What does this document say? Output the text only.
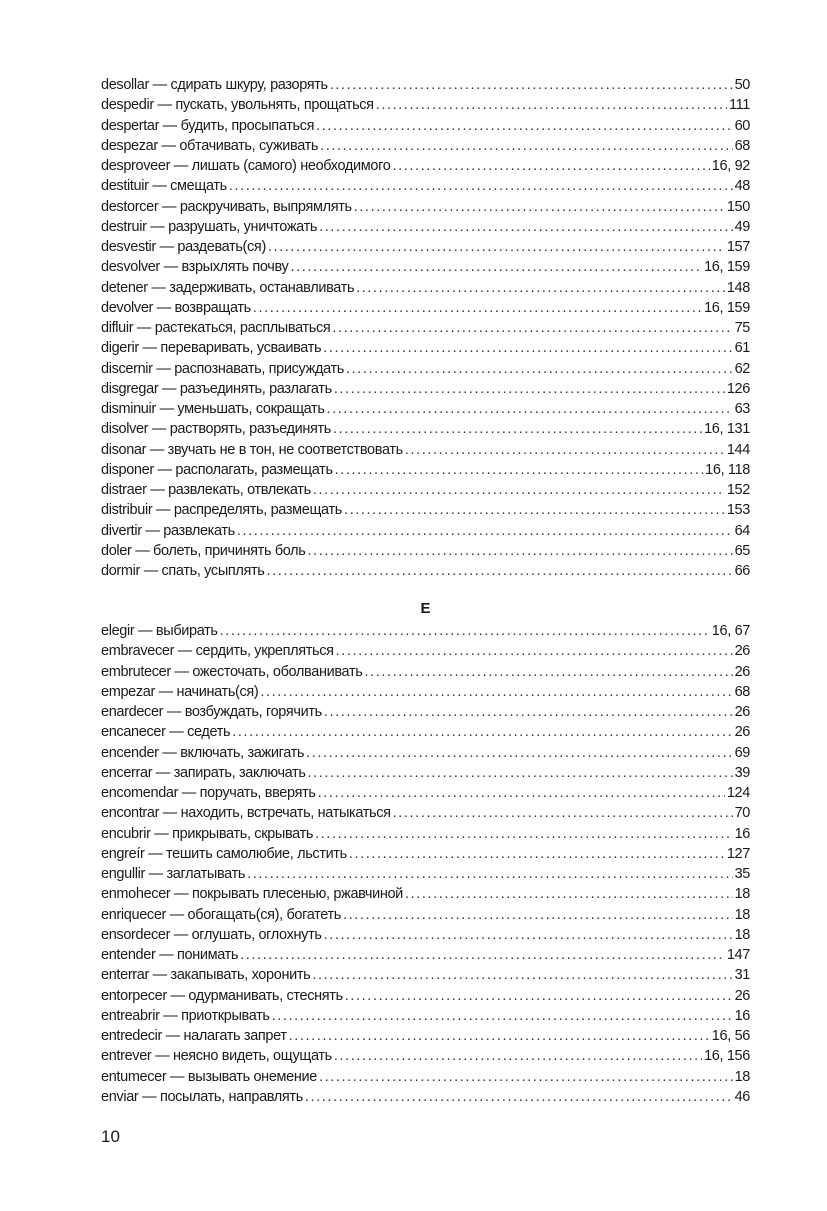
desollar — сдирать шкуру, разорять .....	50
despedir — пускать, увольнять, прощаться .....	111
despertar — будить, просыпаться .....	60
despezar — обтачивать, суживать .....	68
desproveer — лишать (самого) необходимого .....	16, 92
destituir — смещать .....	48
destorcer — раскручивать, выпрямлять .....	150
destruir — разрушать, уничтожать .....	49
desvestir — раздевать(ся) .....	157
desvolver — взрыхлять почву .....	16, 159
detener — задерживать, останавливать .....	148
devolver — возвращать .....	16, 159
difluir — растекаться, расплываться .....	75
digerir — переваривать, усваивать .....	61
discernir — распознавать, присуждать .....	62
disgregar — разъединять, разлагать .....	126
disminuir — уменьшать, сокращать .....	63
disolver — растворять, разъединять .....	16, 131
disonar — звучать не в тон, не соответствовать .....	144
disponer — располагать, размещать .....	16, 118
distraer — развлекать, отвлекать .....	152
distribuir — распределять, размещать .....	153
divertir — развлекать .....	64
doler — болеть, причинять боль .....	65
dormir — спать, усыплять .....	66
E
elegir — выбирать .....	16, 67
embravecer — сердить, укрепляться .....	26
embrutecer — ожесточать, оболванивать .....	26
empezar — начинать(ся) .....	68
enardecer — возбуждать, горячить .....	26
encanecer — седеть .....	26
encender — включать, зажигать .....	69
encerrar — запирать, заключать .....	39
encomendar — поручать, вверять .....	124
encontrar — находить, встречать, натыкаться .....	70
encubrir — прикрывать, скрывать .....	16
engreír — тешить самолюбие, льстить .....	127
engullir — заглатывать .....	35
enmohecer — покрывать плесенью, ржавчиной .....	18
enriquecer — обогащать(ся), богатеть .....	18
ensordecer — оглушать, оглохнуть .....	18
entender — понимать .....	147
enterrar — закапывать, хоронить .....	31
entorpecer — одурманивать, стеснять .....	26
entreabrir — приоткрывать .....	16
entredecir — налагать запрет .....	16, 56
entrever — неясно видеть, ощущать .....	16, 156
entumecer — вызывать онемение .....	18
enviar — посылать, направлять .....	46
10
